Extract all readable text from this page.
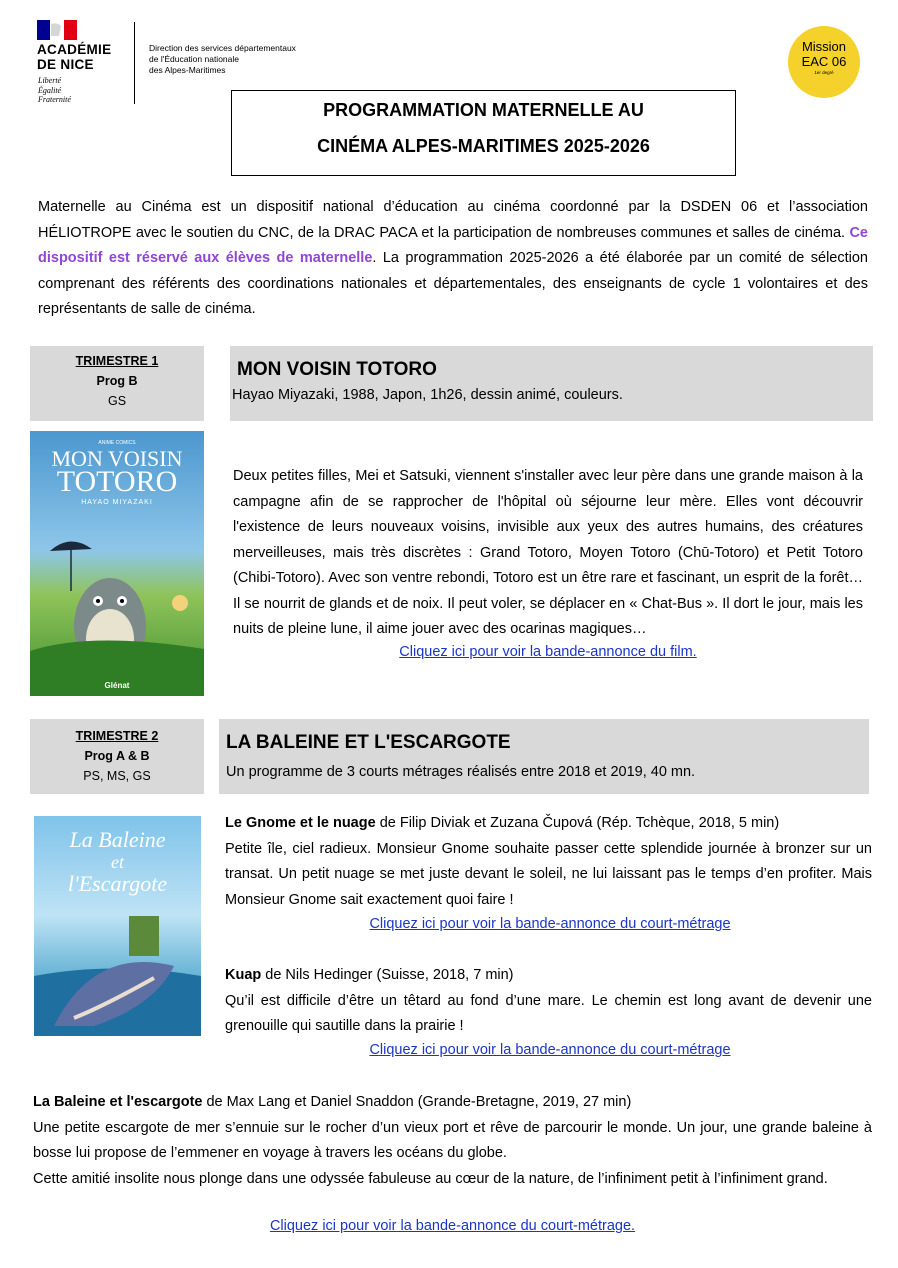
ACADÉMIE
DE NICE
Liberté
Égalité
Fraternité
Direction des services départementaux
de l'Éducation nationale
des Alpes-Maritimes
Mission
EAC 06
1er degré
PROGRAMMATION MATERNELLE AU
CINÉMA ALPES-MARITIMES 2025-2026
Maternelle au Cinéma est un dispositif national d’éducation au cinéma coordonné par la DSDEN 06 et l’association HÉLIOTROPE avec le soutien du CNC, de la DRAC PACA et la participation de nombreuses communes et salles de cinéma. Ce dispositif est réservé aux élèves de maternelle. La programmation 2025-2026 a été élaborée par un comité de sélection comprenant des référents des coordinations nationales et départementales, des enseignants de cycle 1 volontaires et des représentants de salle de cinéma.
TRIMESTRE 1
Prog B
GS
MON VOISIN TOTORO
Hayao Miyazaki, 1988, Japon, 1h26, dessin animé, couleurs.
ANIME COMICS
MON VOISIN
TOTORO
HAYAO MIYAZAKI
Glénat
Deux petites filles, Mei et Satsuki, viennent s'installer avec leur père dans une grande maison à la campagne afin de se rapprocher de l'hôpital où séjourne leur mère. Elles vont découvrir l'existence de leurs nouveaux voisins, invisible aux yeux des autres humains, des créatures merveilleuses, mais très discrètes : Grand Totoro, Moyen Totoro (Chū-Totoro) et Petit Totoro (Chibi-Totoro). Avec son ventre rebondi, Totoro est un être rare et fascinant, un esprit de la forêt… Il se nourrit de glands et de noix. Il peut voler, se déplacer en « Chat-Bus ». Il dort le jour, mais les nuits de pleine lune, il aime jouer avec des ocarinas magiques…
Cliquez ici pour voir la bande-annonce du film.
TRIMESTRE 2
Prog A & B
PS, MS, GS
LA BALEINE ET L'ESCARGOTE
Un programme de 3 courts métrages réalisés entre 2018 et 2019, 40 mn.
La Baleine
et
l'Escargote
Le Gnome et le nuage de Filip Diviak et Zuzana Čupová (Rép. Tchèque, 2018, 5 min)
Petite île, ciel radieux. Monsieur Gnome souhaite passer cette splendide journée à bronzer sur un transat. Un petit nuage se met juste devant le soleil, ne lui laissant pas le temps d’en profiter. Mais Monsieur Gnome sait exactement quoi faire !
Cliquez ici pour voir la bande-annonce du court-métrage
Kuap de Nils Hedinger (Suisse, 2018, 7 min)
Qu’il est difficile d’être un têtard au fond d’une mare. Le chemin est long avant de devenir une grenouille qui sautille dans la prairie !
Cliquez ici pour voir la bande-annonce du court-métrage
La Baleine et l'escargote de Max Lang et Daniel Snaddon (Grande-Bretagne, 2019, 27 min)
Une petite escargote de mer s’ennuie sur le rocher d’un vieux port et rêve de parcourir le monde. Un jour, une grande baleine à bosse lui propose de l’emmener en voyage à travers les océans du globe.
Cette amitié insolite nous plonge dans une odyssée fabuleuse au cœur de la nature, de l’infiniment petit à l’infiniment grand.
Cliquez ici pour voir la bande-annonce du court-métrage.
